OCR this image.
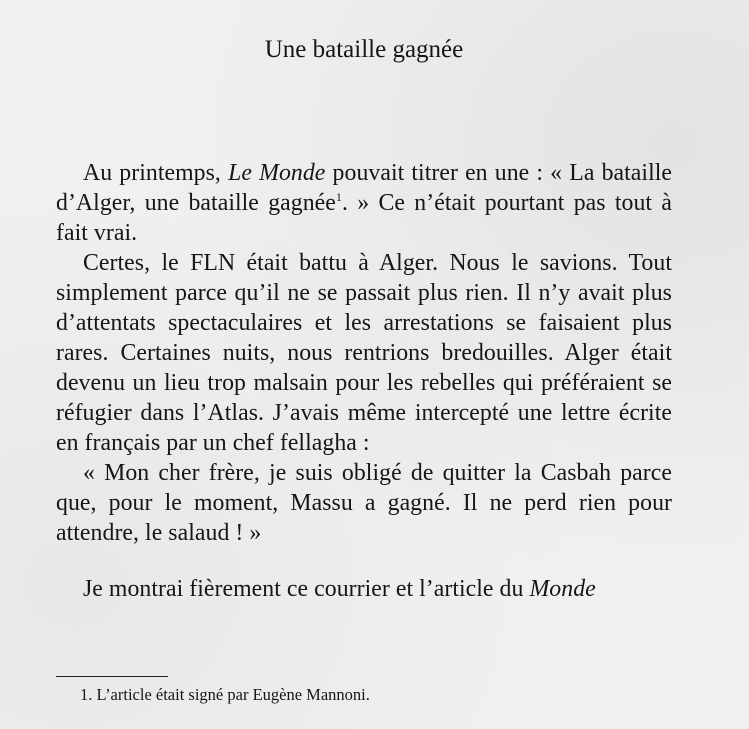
Une bataille gagnée

Au printemps, Le Monde pouvait titrer en une : « La bataille d’Alger, une bataille gagnée$^1$. » Ce n’était pourtant pas tout à fait vrai.

Certes, le FLN était battu à Alger. Nous le savions. Tout simplement parce qu’il ne se passait plus rien. Il n’y avait plus d’attentats spectaculaires et les arrestations se faisaient plus rares. Certaines nuits, nous rentrions bredouilles. Alger était devenu un lieu trop malsain pour les rebelles qui préféraient se réfugier dans l’Atlas. J’avais même intercepté une lettre écrite en français par un chef fellagha :

« Mon cher frère, je suis obligé de quitter la Casbah parce que, pour le moment, Massu a gagné. Il ne perd rien pour attendre, le salaud ! »

Je montrai fièrement ce courrier et l’article du Monde

1. L’article était signé par Eugène Mannoni.
